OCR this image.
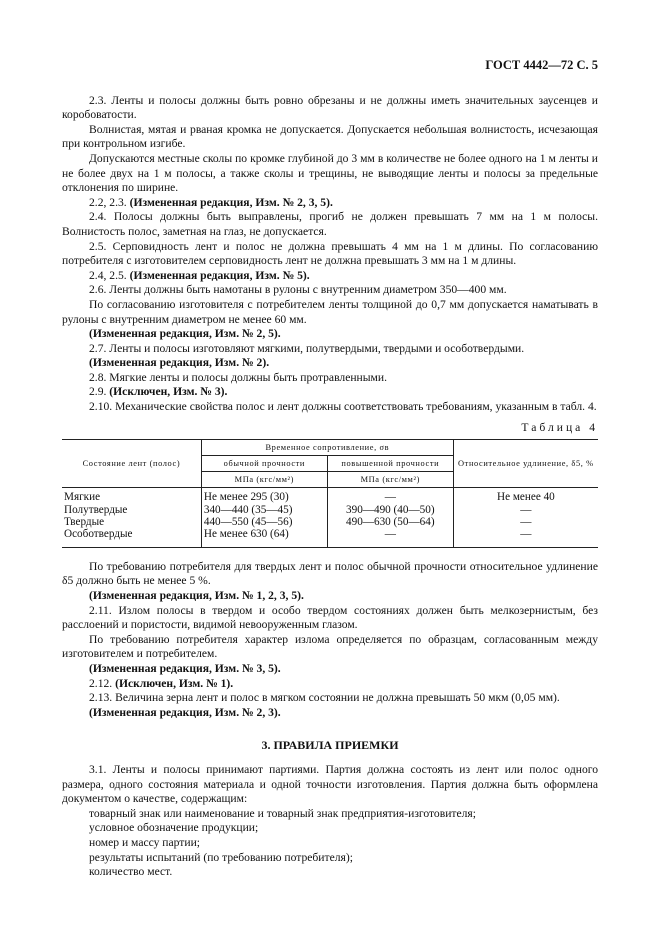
ГОСТ 4442—72 С. 5

2.3. Ленты и полосы должны быть ровно обрезаны и не должны иметь значительных заусенцев и коробоватости.

Волнистая, мятая и рваная кромка не допускается. Допускается небольшая волнистость, исчезающая при контрольном изгибе.

Допускаются местные сколы по кромке глубиной до 3 мм в количестве не более одного на 1 м ленты и не более двух на 1 м полосы, а также сколы и трещины, не выводящие ленты и полосы за предельные отклонения по ширине.

2.2, 2.3. (Измененная редакция, Изм. № 2, 3, 5).

2.4. Полосы должны быть выправлены, прогиб не должен превышать 7 мм на 1 м полосы. Волнистость полос, заметная на глаз, не допускается.

2.5. Серповидность лент и полос не должна превышать 4 мм на 1 м длины. По согласованию потребителя с изготовителем серповидность лент не должна превышать 3 мм на 1 м длины.

2.4, 2.5. (Измененная редакция, Изм. № 5).

2.6. Ленты должны быть намотаны в рулоны с внутренним диаметром 350—400 мм.

По согласованию изготовителя с потребителем ленты толщиной до 0,7 мм допускается наматывать в рулоны с внутренним диаметром не менее 60 мм.

(Измененная редакция, Изм. № 2, 5).

2.7. Ленты и полосы изготовляют мягкими, полутвердыми, твердыми и особотвердыми.

(Измененная редакция, Изм. № 2).

2.8. Мягкие ленты и полосы должны быть протравленными.

2.9. (Исключен, Изм. № 3).

2.10. Механические свойства полос и лент должны соответствовать требованиям, указанным в табл. 4.

Таблица 4
Состояние лент (полос)	Временное сопротивление, σв		Относительное удлинение, δ5, %
	обычной прочности	повышенной прочности	
	МПа (кгс/мм²)	МПа (кгс/мм²)	
Мягкие	Не менее 295 (30)	—	Не менее 40
Полутвердые	340—440 (35—45)	390—490 (40—50)	—
Твердые	440—550 (45—56)	490—630 (50—64)	—
Особотвердые	Не менее 630 (64)	—	—

По требованию потребителя для твердых лент и полос обычной прочности относительное удлинение δ5 должно быть не менее 5 %.

(Измененная редакция, Изм. № 1, 2, 3, 5).

2.11. Излом полосы в твердом и особо твердом состояниях должен быть мелкозернистым, без расслоений и пористости, видимой невооруженным глазом.

По требованию потребителя характер излома определяется по образцам, согласованным между изготовителем и потребителем.

(Измененная редакция, Изм. № 3, 5).

2.12. (Исключен, Изм. № 1).

2.13. Величина зерна лент и полос в мягком состоянии не должна превышать 50 мкм (0,05 мм).

(Измененная редакция, Изм. № 2, 3).

3. ПРАВИЛА ПРИЕМКИ

3.1. Ленты и полосы принимают партиями. Партия должна состоять из лент или полос одного размера, одного состояния материала и одной точности изготовления. Партия должна быть оформлена документом о качестве, содержащим:

товарный знак или наименование и товарный знак предприятия-изготовителя;

условное обозначение продукции;

номер и массу партии;

результаты испытаний (по требованию потребителя);

количество мест.
